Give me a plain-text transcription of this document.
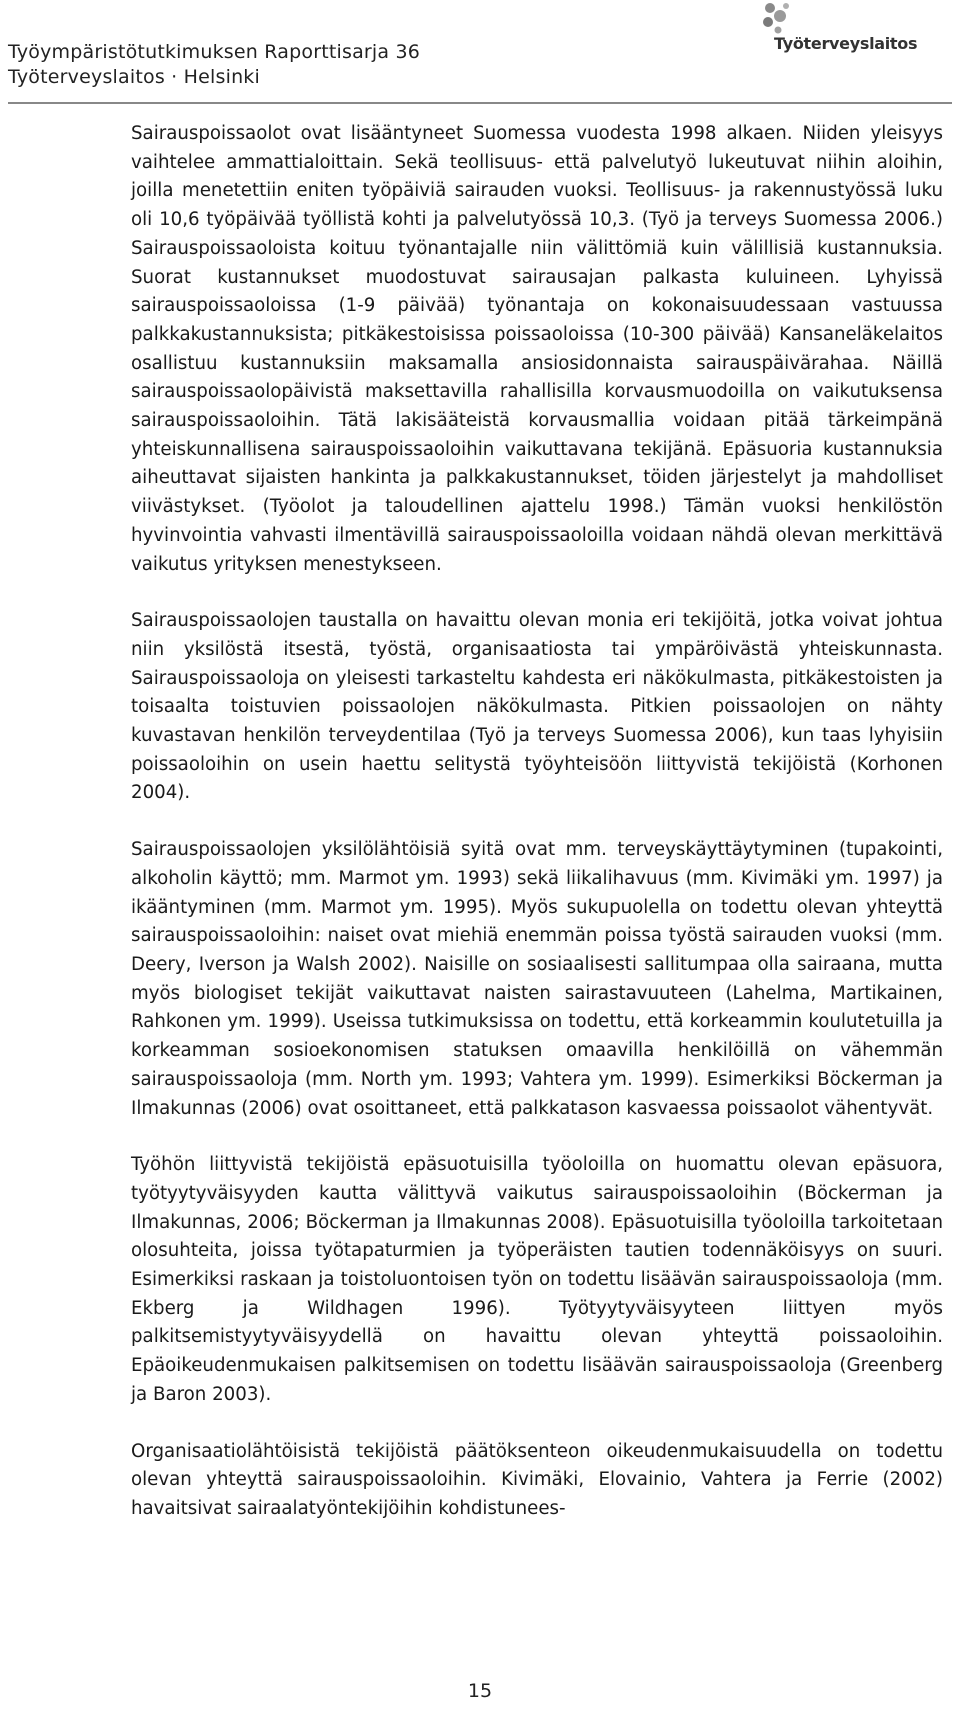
Työympäristötutkimuksen Raporttisarja 36
Työterveyslaitos · Helsinki
Työterveyslaitos

Sairauspoissaolot ovat lisääntyneet Suomessa vuodesta 1998 alkaen. Niiden yleisyys vaihtelee ammattialoittain. Sekä teollisuus- että palvelutyö lukeutuvat niihin aloihin, joilla menetettiin eniten työpäiviä sairauden vuoksi. Teollisuus- ja rakennustyössä luku oli 10,6 työpäivää työllistä kohti ja palvelutyössä 10,3. (Työ ja terveys Suomessa 2006.) Sairauspoissaoloista koituu työnantajalle niin välittömiä kuin välillisiä kustannuksia. Suorat kustannukset muodostuvat sairausajan palkasta kuluineen. Lyhyissä sairauspoissaoloissa (1-9 päivää) työnantaja on kokonaisuudessaan vastuussa palkkakustannuksista; pitkäkestoisissa poissaoloissa (10-300 päivää) Kansaneläkelaitos osallistuu kustannuksiin maksamalla ansiosidonnaista sairauspäivärahaa. Näillä sairauspoissaolopäivistä maksettavilla rahallisilla korvausmuodoilla on vaikutuksensa sairauspoissaoloihin. Tätä lakisääteistä korvausmallia voidaan pitää tärkeimpänä yhteiskunnallisena sairauspoissaoloihin vaikuttavana tekijänä. Epäsuoria kustannuksia aiheuttavat sijaisten hankinta ja palkkakustannukset, töiden järjestelyt ja mahdolliset viivästykset. (Työolot ja taloudellinen ajattelu 1998.) Tämän vuoksi henkilöstön hyvinvointia vahvasti ilmentävillä sairauspoissaoloilla voidaan nähdä olevan merkittävä vaikutus yrityksen menestykseen.

Sairauspoissaolojen taustalla on havaittu olevan monia eri tekijöitä, jotka voivat johtua niin yksilöstä itsestä, työstä, organisaatiosta tai ympäröivästä yhteiskunnasta. Sairauspoissaoloja on yleisesti tarkasteltu kahdesta eri näkökulmasta, pitkäkestoisten ja toisaalta toistuvien poissaolojen näkökulmasta. Pitkien poissaolojen on nähty kuvastavan henkilön terveydentilaa (Työ ja terveys Suomessa 2006), kun taas lyhyisiin poissaoloihin on usein haettu selitystä työyhteisöön liittyvistä tekijöistä (Korhonen 2004).

Sairauspoissaolojen yksilölähtöisiä syitä ovat mm. terveyskäyttäytyminen (tupakointi, alkoholin käyttö; mm. Marmot ym. 1993) sekä liikalihavuus (mm. Kivimäki ym. 1997) ja ikääntyminen (mm. Marmot ym. 1995). Myös sukupuolella on todettu olevan yhteyttä sairauspoissaoloihin: naiset ovat miehiä enemmän poissa työstä sairauden vuoksi (mm. Deery, Iverson ja Walsh 2002). Naisille on sosiaalisesti sallitumpaa olla sairaana, mutta myös biologiset tekijät vaikuttavat naisten sairastavuuteen (Lahelma, Martikainen, Rahkonen ym. 1999). Useissa tutkimuksissa on todettu, että korkeammin koulutetuilla ja korkeamman sosioekonomisen statuksen omaavilla henkilöillä on vähemmän sairauspoissaoloja (mm. North ym. 1993; Vahtera ym. 1999). Esimerkiksi Böckerman ja Ilmakunnas (2006) ovat osoittaneet, että palkkatason kasvaessa poissaolot vähentyvät.

Työhön liittyvistä tekijöistä epäsuotuisilla työoloilla on huomattu olevan epäsuora, työtyytyväisyyden kautta välittyvä vaikutus sairauspoissaoloihin (Böckerman ja Ilmakunnas, 2006; Böckerman ja Ilmakunnas 2008). Epäsuotuisilla työoloilla tarkoitetaan olosuhteita, joissa työtapaturmien ja työperäisten tautien todennäköisyys on suuri. Esimerkiksi raskaan ja toistoluontoisen työn on todettu lisäävän sairauspoissaoloja (mm. Ekberg ja Wildhagen 1996). Työtyytyväisyyteen liittyen myös palkitsemistyytyväisyydellä on havaittu olevan yhteyttä poissaoloihin. Epäoikeudenmukaisen palkitsemisen on todettu lisäävän sairauspoissaoloja (Greenberg ja Baron 2003).

Organisaatiolähtöisistä tekijöistä päätöksenteon oikeudenmukaisuudella on todettu olevan yhteyttä sairauspoissaoloihin. Kivimäki, Elovainio, Vahtera ja Ferrie (2002) havaitsivat sairaalatyöntekijöihin kohdistunees-

15
